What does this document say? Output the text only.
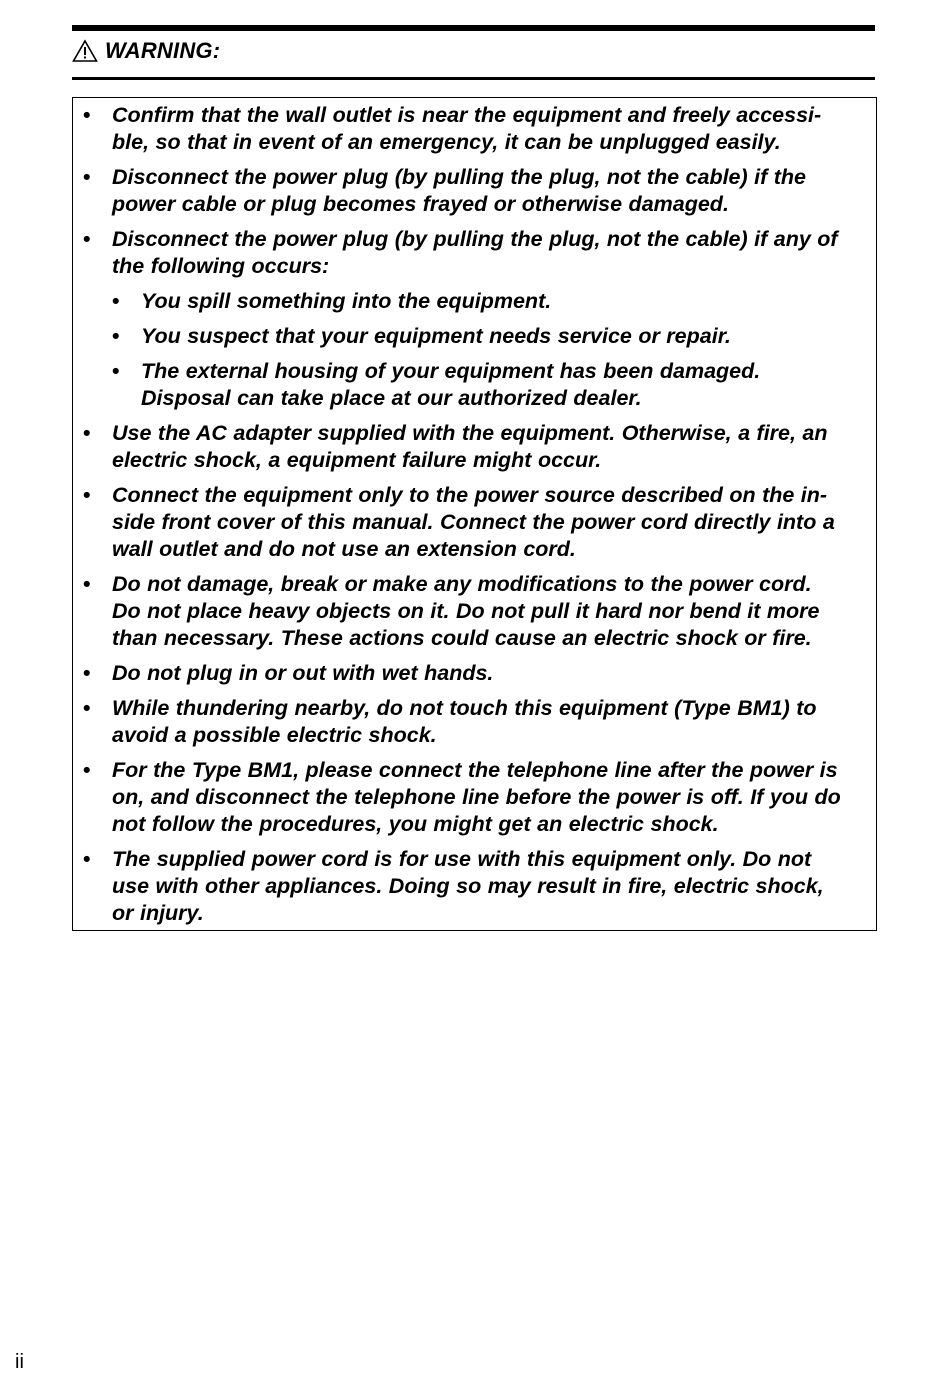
WARNING:
• Confirm that the wall outlet is near the equipment and freely accessi-
ble, so that in event of an emergency, it can be unplugged easily.
• Disconnect the power plug (by pulling the plug, not the cable) if the
power cable or plug becomes frayed or otherwise damaged.
• Disconnect the power plug (by pulling the plug, not the cable) if any of
the following occurs:
• You spill something into the equipment.
• You suspect that your equipment needs service or repair.
• The external housing of your equipment has been damaged.
Disposal can take place at our authorized dealer.
• Use the AC adapter supplied with the equipment. Otherwise, a fire, an
electric shock, a equipment failure might occur.
• Connect the equipment only to the power source described on the in-
side front cover of this manual. Connect the power cord directly into a
wall outlet and do not use an extension cord.
• Do not damage, break or make any modifications to the power cord.
Do not place heavy objects on it. Do not pull it hard nor bend it more
than necessary. These actions could cause an electric shock or fire.
• Do not plug in or out with wet hands.
• While thundering nearby, do not touch this equipment (Type BM1) to
avoid a possible electric shock.
• For the Type BM1, please connect the telephone line after the power is
on, and disconnect the telephone line before the power is off. If you do
not follow the procedures, you might get an electric shock.
• The supplied power cord is for use with this equipment only. Do not
use with other appliances. Doing so may result in fire, electric shock,
or injury.
ii
